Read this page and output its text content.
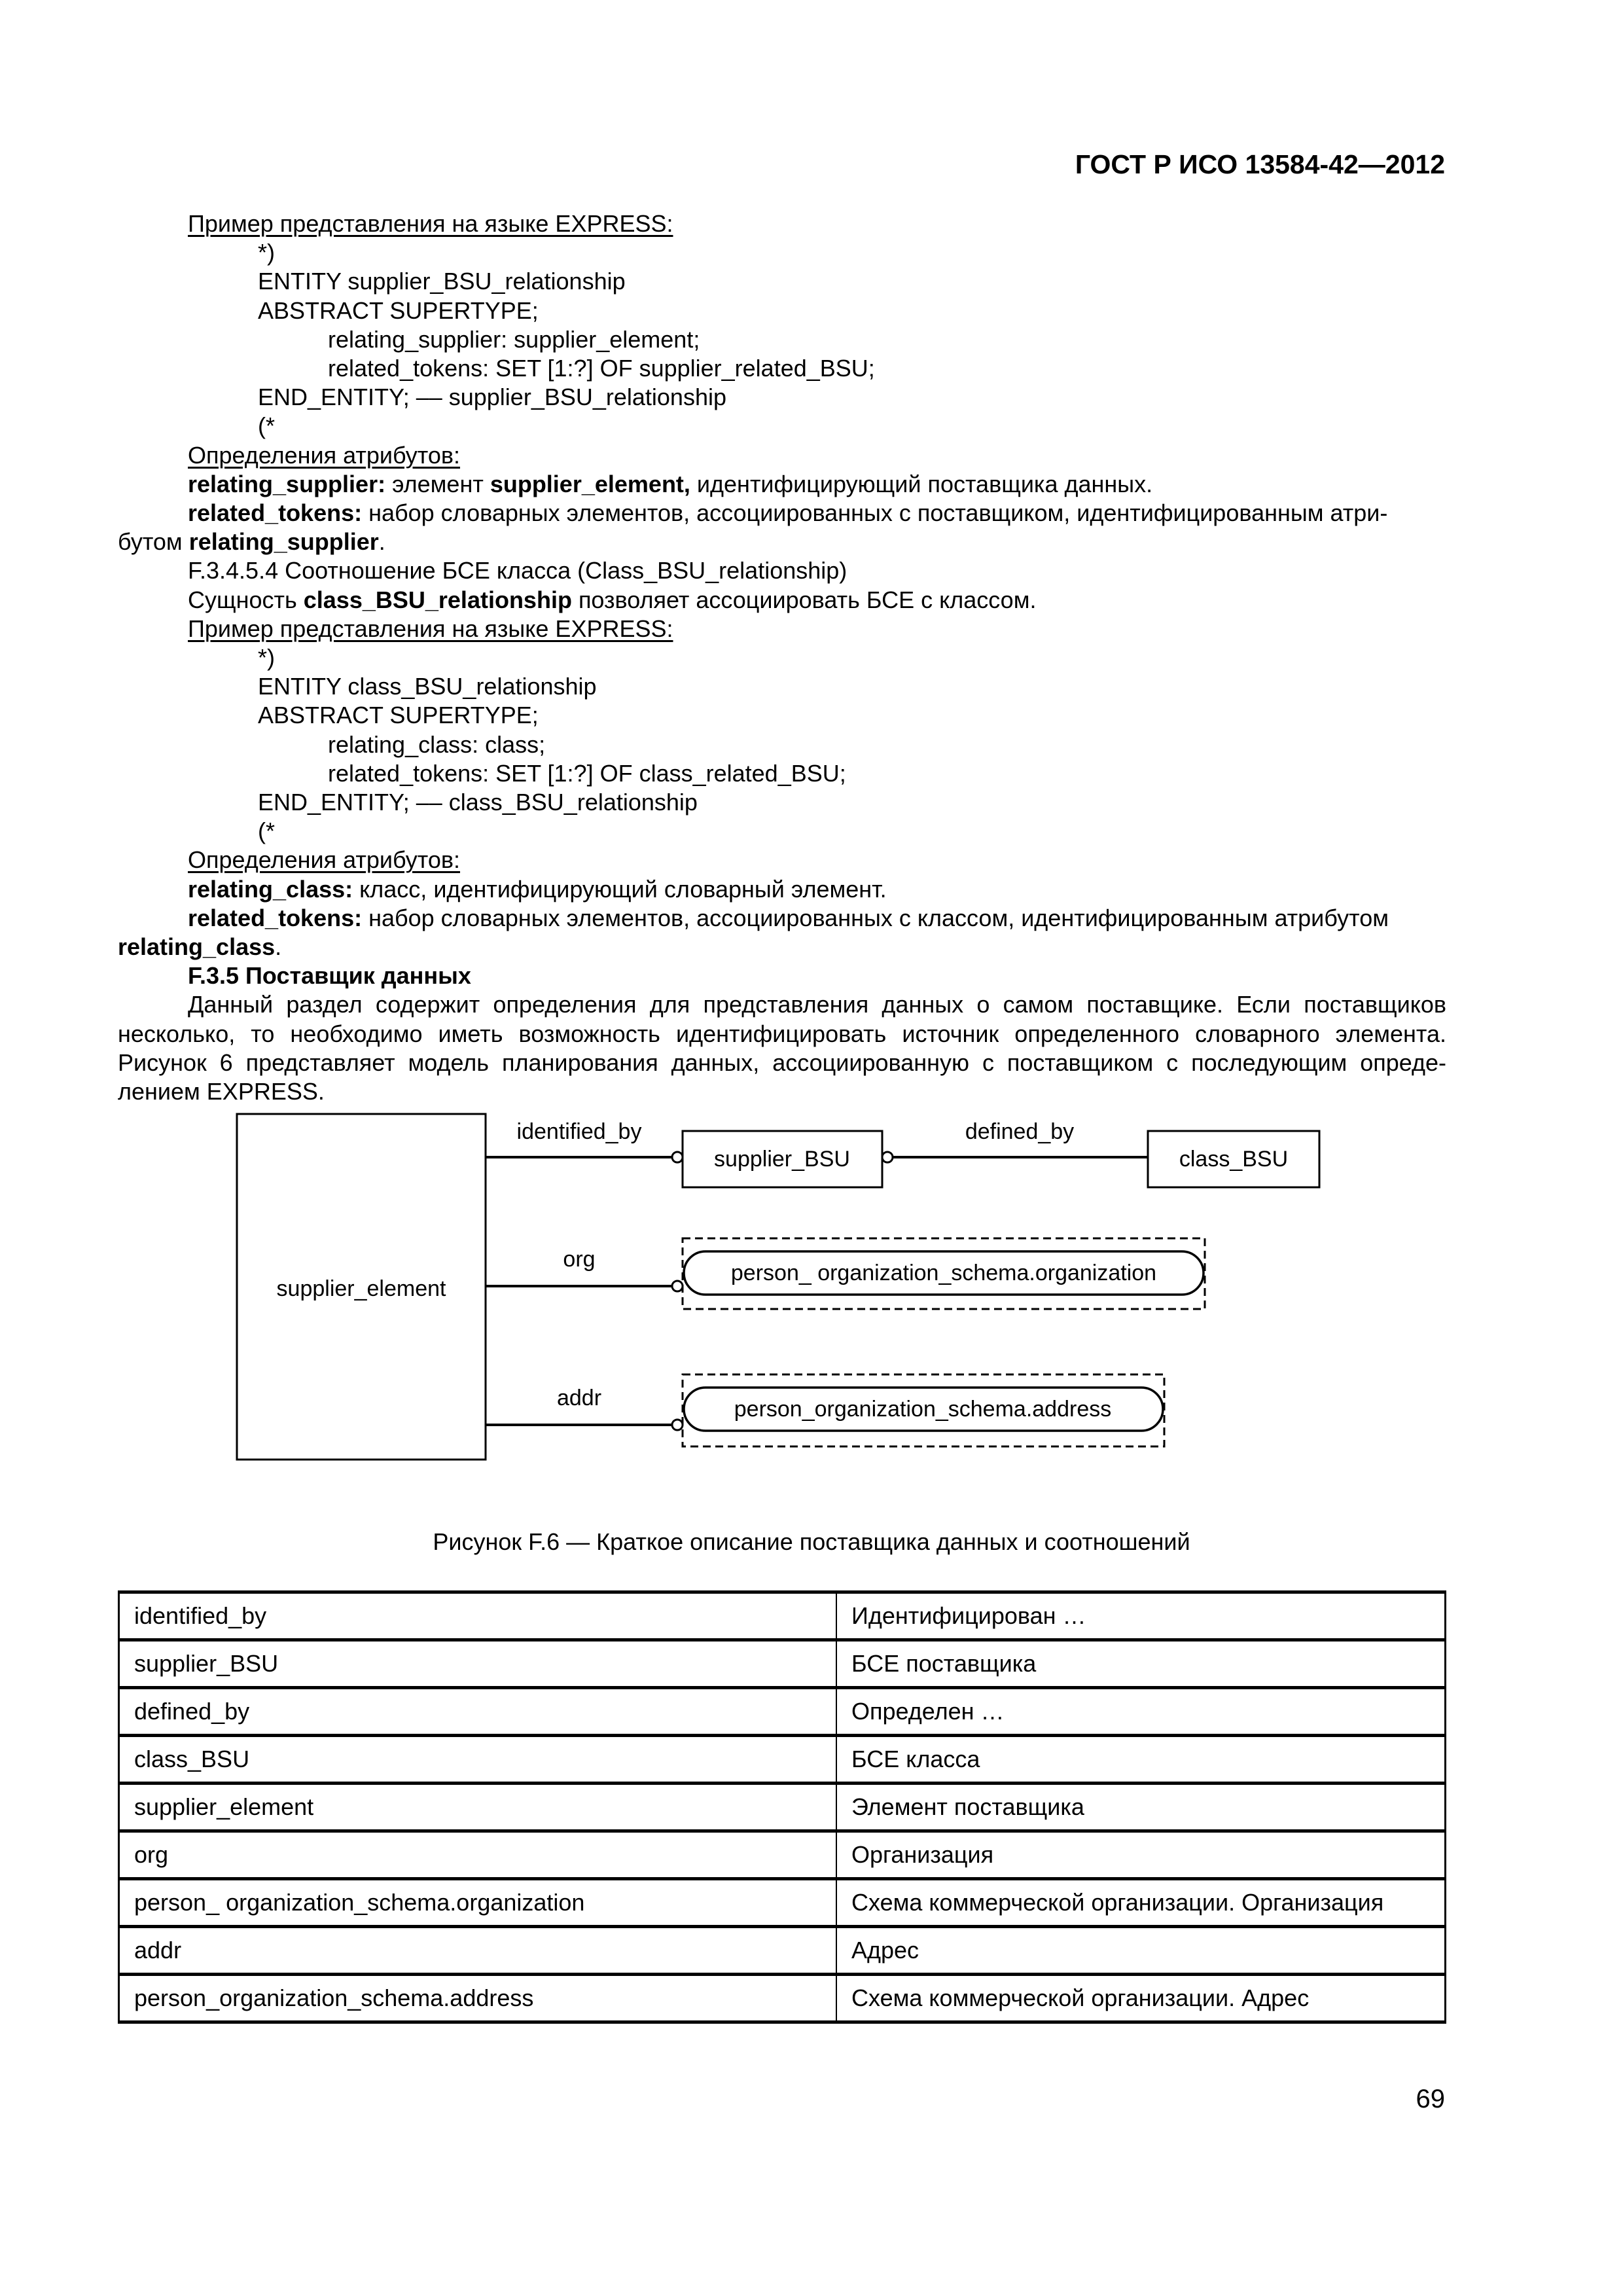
ГОСТ Р ИСО 13584-42—2012
Пример представления на языке EXPRESS:
*)
ENTITY supplier_BSU_relationship
ABSTRACT SUPERTYPE;
relating_supplier: supplier_element;
related_tokens: SET [1:?] OF supplier_related_BSU;
END_ENTITY; –– supplier_BSU_relationship
(*
Определения атрибутов:
relating_supplier: элемент supplier_element, идентифицирующий поставщика данных.
related_tokens: набор словарных элементов, ассоциированных с поставщиком, идентифицированным атри-
бутом relating_supplier.
F.3.4.5.4 Соотношение БСЕ класса (Class_BSU_relationship)
Сущность class_BSU_relationship позволяет ассоциировать БСЕ с классом.
Пример представления на языке EXPRESS:
*)
ENTITY class_BSU_relationship
ABSTRACT SUPERTYPE;
relating_class: class;
related_tokens: SET [1:?] OF class_related_BSU;
END_ENTITY; –– class_BSU_relationship
(*
Определения атрибутов:
relating_class: класс, идентифицирующий словарный элемент.
related_tokens: набор словарных элементов, ассоциированных с классом, идентифицированным атрибутом
relating_class.
F.3.5 Поставщик данных
Данный раздел содержит определения для представления данных о самом поставщике. Если поставщиков несколько, то необходимо иметь возможность идентифицировать источник определенного словарного элемента. Рисунок 6 представляет модель планирования данных, ассоциированную с поставщиком с последующим опреде-лением EXPRESS.
supplier_element
identified_by
supplier_BSU
defined_by
class_BSU
org
person_ organization_schema.organization
addr	person_organization_schema.address
Рисунок F.6 — Краткое описание поставщика данных и соотношений
identified_by	Идентифицирован …
supplier_BSU	БСЕ поставщика
defined_by	Определен …
class_BSU	БСЕ класса
supplier_element	Элемент поставщика
org	Организация
person_ organization_schema.organization	Схема коммерческой организации. Организация
addr	Адрес
person_organization_schema.address	Схема коммерческой организации. Адрес
69
